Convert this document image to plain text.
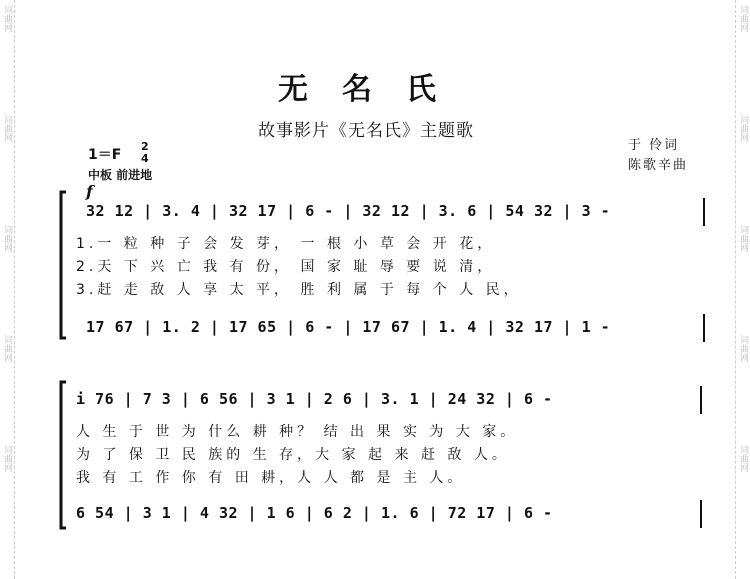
词曲网
词曲网
词曲网
词曲网
词曲网
词曲网
词曲网
词曲网
词曲网
词曲网
无名氏
故事影片《无名氏》主题歌
于 伶词
陈歌辛曲
1＝F
2
4
中板 前进地
f
32 12 | 3. 4 | 32 17 | 6 - | 32 12 | 3. 6 | 54 32 | 3 -
1.一 粒 种 子 会 发 芽， 一 根 小 草 会 开 花，
2.天 下 兴 亡 我 有 份， 国 家 耻 辱 要 说 清，
3.赶 走 敌 人 享 太 平， 胜 利 属 于 每 个 人 民，
17 67 | 1. 2 | 17 65 | 6 - | 17 67 | 1. 4 | 32 17 | 1 -
i 76 | 7 3 | 6 56 | 3 1 | 2 6 | 3. 1 | 24 32 | 6 -
人 生 于 世 为 什么 耕 种？ 结 出 果 实 为 大 家。
为 了 保 卫 民 族的 生 存，大 家 起 来 赶 敌 人。
我 有 工 作 你 有 田 耕，人 人 都 是 主 人。
6 54 | 3 1 | 4 32 | 1 6 | 6 2 | 1. 6 | 72 17 | 6 -
